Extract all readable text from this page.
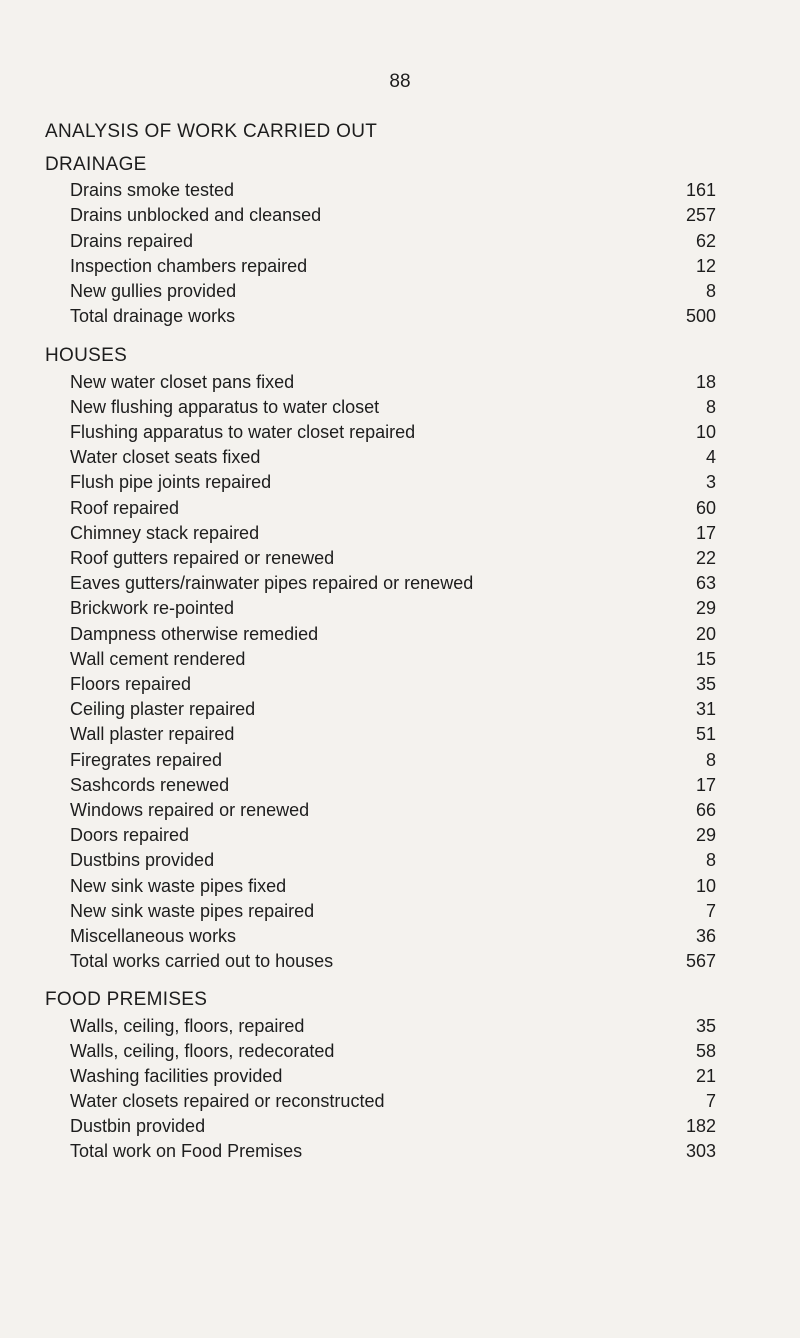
88
ANALYSIS OF WORK CARRIED OUT
DRAINAGE
Drains smoke tested	161
Drains unblocked and cleansed	257
Drains repaired	62
Inspection chambers repaired	12
New gullies provided	8
Total drainage works	500
HOUSES
New water closet pans fixed	18
New flushing apparatus to water closet	8
Flushing apparatus to water closet repaired	10
Water closet seats fixed	4
Flush pipe joints repaired	3
Roof repaired	60
Chimney stack repaired	17
Roof gutters repaired or renewed	22
Eaves gutters/rainwater pipes repaired or renewed	63
Brickwork re-pointed	29
Dampness otherwise remedied	20
Wall cement rendered	15
Floors repaired	35
Ceiling plaster repaired	31
Wall plaster repaired	51
Firegrates repaired	8
Sashcords renewed	17
Windows repaired or renewed	66
Doors repaired	29
Dustbins provided	8
New sink waste pipes fixed	10
New sink waste pipes repaired	7
Miscellaneous works	36
Total works carried out to houses	567
FOOD PREMISES
Walls, ceiling, floors, repaired	35
Walls, ceiling, floors, redecorated	58
Washing facilities provided	21
Water closets repaired or reconstructed	7
Dustbin provided	182
Total work on Food Premises	303
